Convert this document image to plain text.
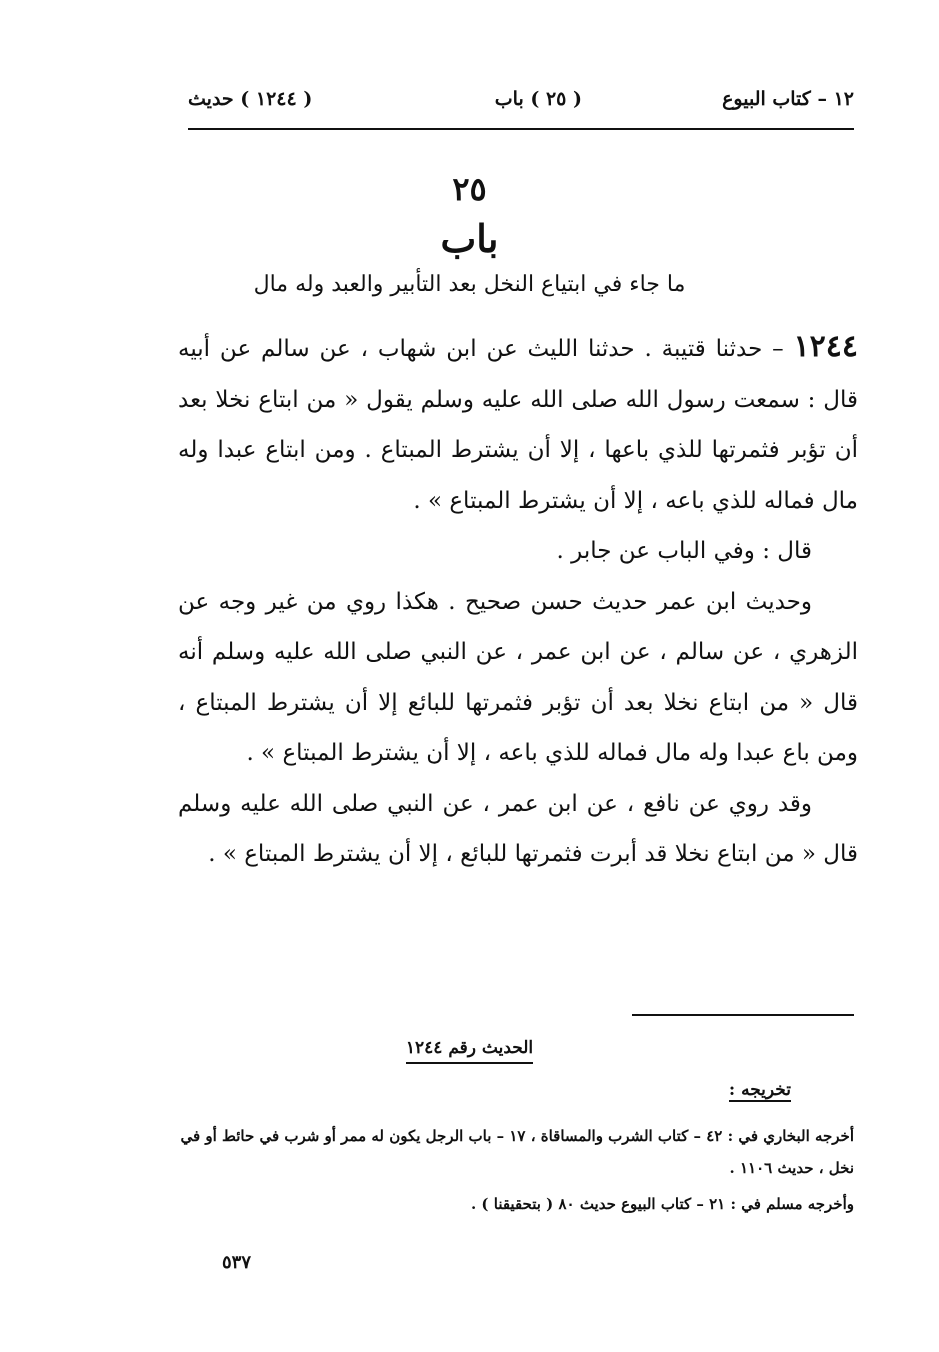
١٢ – كتاب البيوع
( ٢٥ ) باب
( ١٢٤٤ ) حديث
٢٥
باب
ما جاء في ابتياع النخل بعد التأبير والعبد وله مال

١٢٤٤ – حدثنا قتيبة . حدثنا الليث عن ابن شهاب ، عن سالم عن أبيه قال : سمعت رسول الله صلى الله عليه وسلم يقول « من ابتاع نخلا بعد أن تؤبر فثمرتها للذي باعها ، إلا أن يشترط المبتاع . ومن ابتاع عبدا وله مال فماله للذي باعه ، إلا أن يشترط المبتاع » .

قال : وفي الباب عن جابر .

وحديث ابن عمر حديث حسن صحيح . هكذا روي من غير وجه عن الزهري ، عن سالم ، عن ابن عمر ، عن النبي صلى الله عليه وسلم أنه قال « من ابتاع نخلا بعد أن تؤبر فثمرتها للبائع إلا أن يشترط المبتاع ، ومن باع عبدا وله مال فماله للذي باعه ، إلا أن يشترط المبتاع » .

وقد روي عن نافع ، عن ابن عمر ، عن النبي صلى الله عليه وسلم قال « من ابتاع نخلا قد أبرت فثمرتها للبائع ، إلا أن يشترط المبتاع » .

الحديث رقم ١٢٤٤
تخريجه :

أخرجه البخاري في : ٤٢ – كتاب الشرب والمساقاة ، ١٧ – باب الرجل يكون له ممر أو شرب في حائط أو في نخل ، حديث ١١٠٦ .

وأخرجه مسلم في : ٢١ – كتاب البيوع حديث ٨٠ ( بتحقيقنا ) .

٥٣٧
